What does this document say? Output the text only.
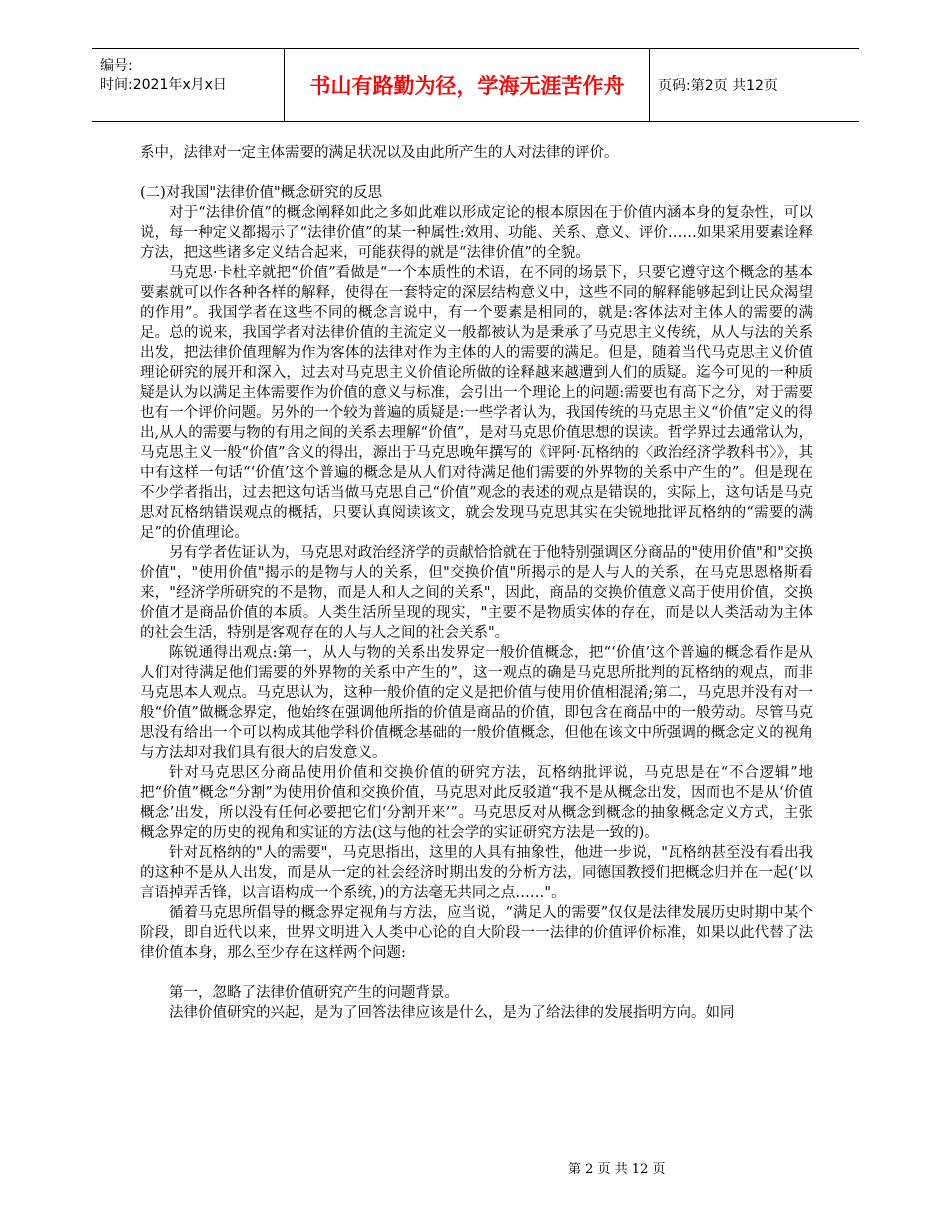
编号:
时间:2021年x月x日	书山有路勤为径，学海无涯苦作舟	页码:第2页 共12页

系中，法律对一定主体需要的满足状况以及由此所产生的人对法律的评价。

(二)对我国"法律价值"概念研究的反思

对于“法律价值”的概念阐释如此之多如此难以形成定论的根本原因在于价值内涵本身的复杂性，可以说，每一种定义都揭示了“法律价值”的某一种属性:效用、功能、关系、意义、评价……如果采用要素诠释方法，把这些诸多定义结合起来，可能获得的就是“法律价值”的全貌。

马克思·卡杜辛就把“价值”看做是“一个本质性的术语，在不同的场景下，只要它遵守这个概念的基本要素就可以作各种各样的解释，使得在一套特定的深层结构意义中，这些不同的解释能够起到让民众渴望的作用”。我国学者在这些不同的概念言说中，有一个要素是相同的，就是:客体法对主体人的需要的满足。总的说来，我国学者对法律价值的主流定义一般都被认为是秉承了马克思主义传统，从人与法的关系出发，把法律价值理解为作为客体的法律对作为主体的人的需要的满足。但是，随着当代马克思主义价值理论研究的展开和深入，过去对马克思主义价值论所做的诠释越来越遭到人们的质疑。迄今可见的一种质疑是认为以满足主体需要作为价值的意义与标准，会引出一个理论上的问题:需要也有高下之分，对于需要也有一个评价问题。另外的一个较为普遍的质疑是:一些学者认为，我国传统的马克思主义“价值”定义的得出,从人的需要与物的有用之间的关系去理解“价值”，是对马克思价值思想的误读。哲学界过去通常认为，马克思主义一般“价值”含义的得出，源出于马克思晚年撰写的《评阿·瓦格纳的〈政治经济学教科书〉》，其中有这样一句话“‘价值’这个普遍的概念是从人们对待满足他们需要的外界物的关系中产生的”。但是现在不少学者指出，过去把这句话当做马克思自己“价值”观念的表述的观点是错误的，实际上，这句话是马克思对瓦格纳错误观点的概括，只要认真阅读该文，就会发现马克思其实在尖锐地批评瓦格纳的“需要的满足”的价值理论。

另有学者佐证认为，马克思对政治经济学的贡献恰恰就在于他特别强调区分商品的"使用价值"和"交换价值"，"使用价值"揭示的是物与人的关系，但"交换价值"所揭示的是人与人的关系，在马克思恩格斯看来，"经济学所研究的不是物，而是人和人之间的关系"，因此，商品的交换价值意义高于使用价值，交换价值才是商品价值的本质。人类生活所呈现的现实，"主要不是物质实体的存在，而是以人类活动为主体的社会生活，特别是客观存在的人与人之间的社会关系"。

陈锐通得出观点:第一，从人与物的关系出发界定一般价值概念，把“‘价值’这个普遍的概念看作是从人们对待满足他们需要的外界物的关系中产生的”，这一观点的确是马克思所批判的瓦格纳的观点，而非马克思本人观点。马克思认为，这种一般价值的定义是把价值与使用价值相混淆;第二，马克思并没有对一般“价值”做概念界定，他始终在强调他所指的价值是商品的价值，即包含在商品中的一般劳动。尽管马克思没有给出一个可以构成其他学科价值概念基础的一般价值概念，但他在该文中所强调的概念定义的视角与方法却对我们具有很大的启发意义。

针对马克思区分商品使用价值和交换价值的研究方法，瓦格纳批评说，马克思是在“不合逻辑”地把“价值”概念“分割”为使用价值和交换价值，马克思对此反驳道“我不是从概念出发，因而也不是从‘价值概念’出发，所以没有任何必要把它们‘分割开来’”。马克思反对从概念到概念的抽象概念定义方式，主张概念界定的历史的视角和实证的方法(这与他的社会学的实证研究方法是一致的)。

针对瓦格纳的"人的需要"，马克思指出，这里的人具有抽象性，他进一步说，"瓦格纳甚至没有看出我的这种不是从人出发，而是从一定的社会经济时期出发的分析方法，同德国教授们把概念归并在一起(‘以言语掉弄舌锋，以言语构成一个系统，)的方法毫无共同之点……"。

循着马克思所倡导的概念界定视角与方法，应当说，“满足人的需要”仅仅是法律发展历史时期中某个阶段，即自近代以来，世界文明进入人类中心论的自大阶段一一法律的价值评价标准，如果以此代替了法律价值本身，那么至少存在这样两个问题:

第一，忽略了法律价值研究产生的问题背景。

法律价值研究的兴起，是为了回答法律应该是什么，是为了给法律的发展指明方向。如同

第 2 页 共 12 页
